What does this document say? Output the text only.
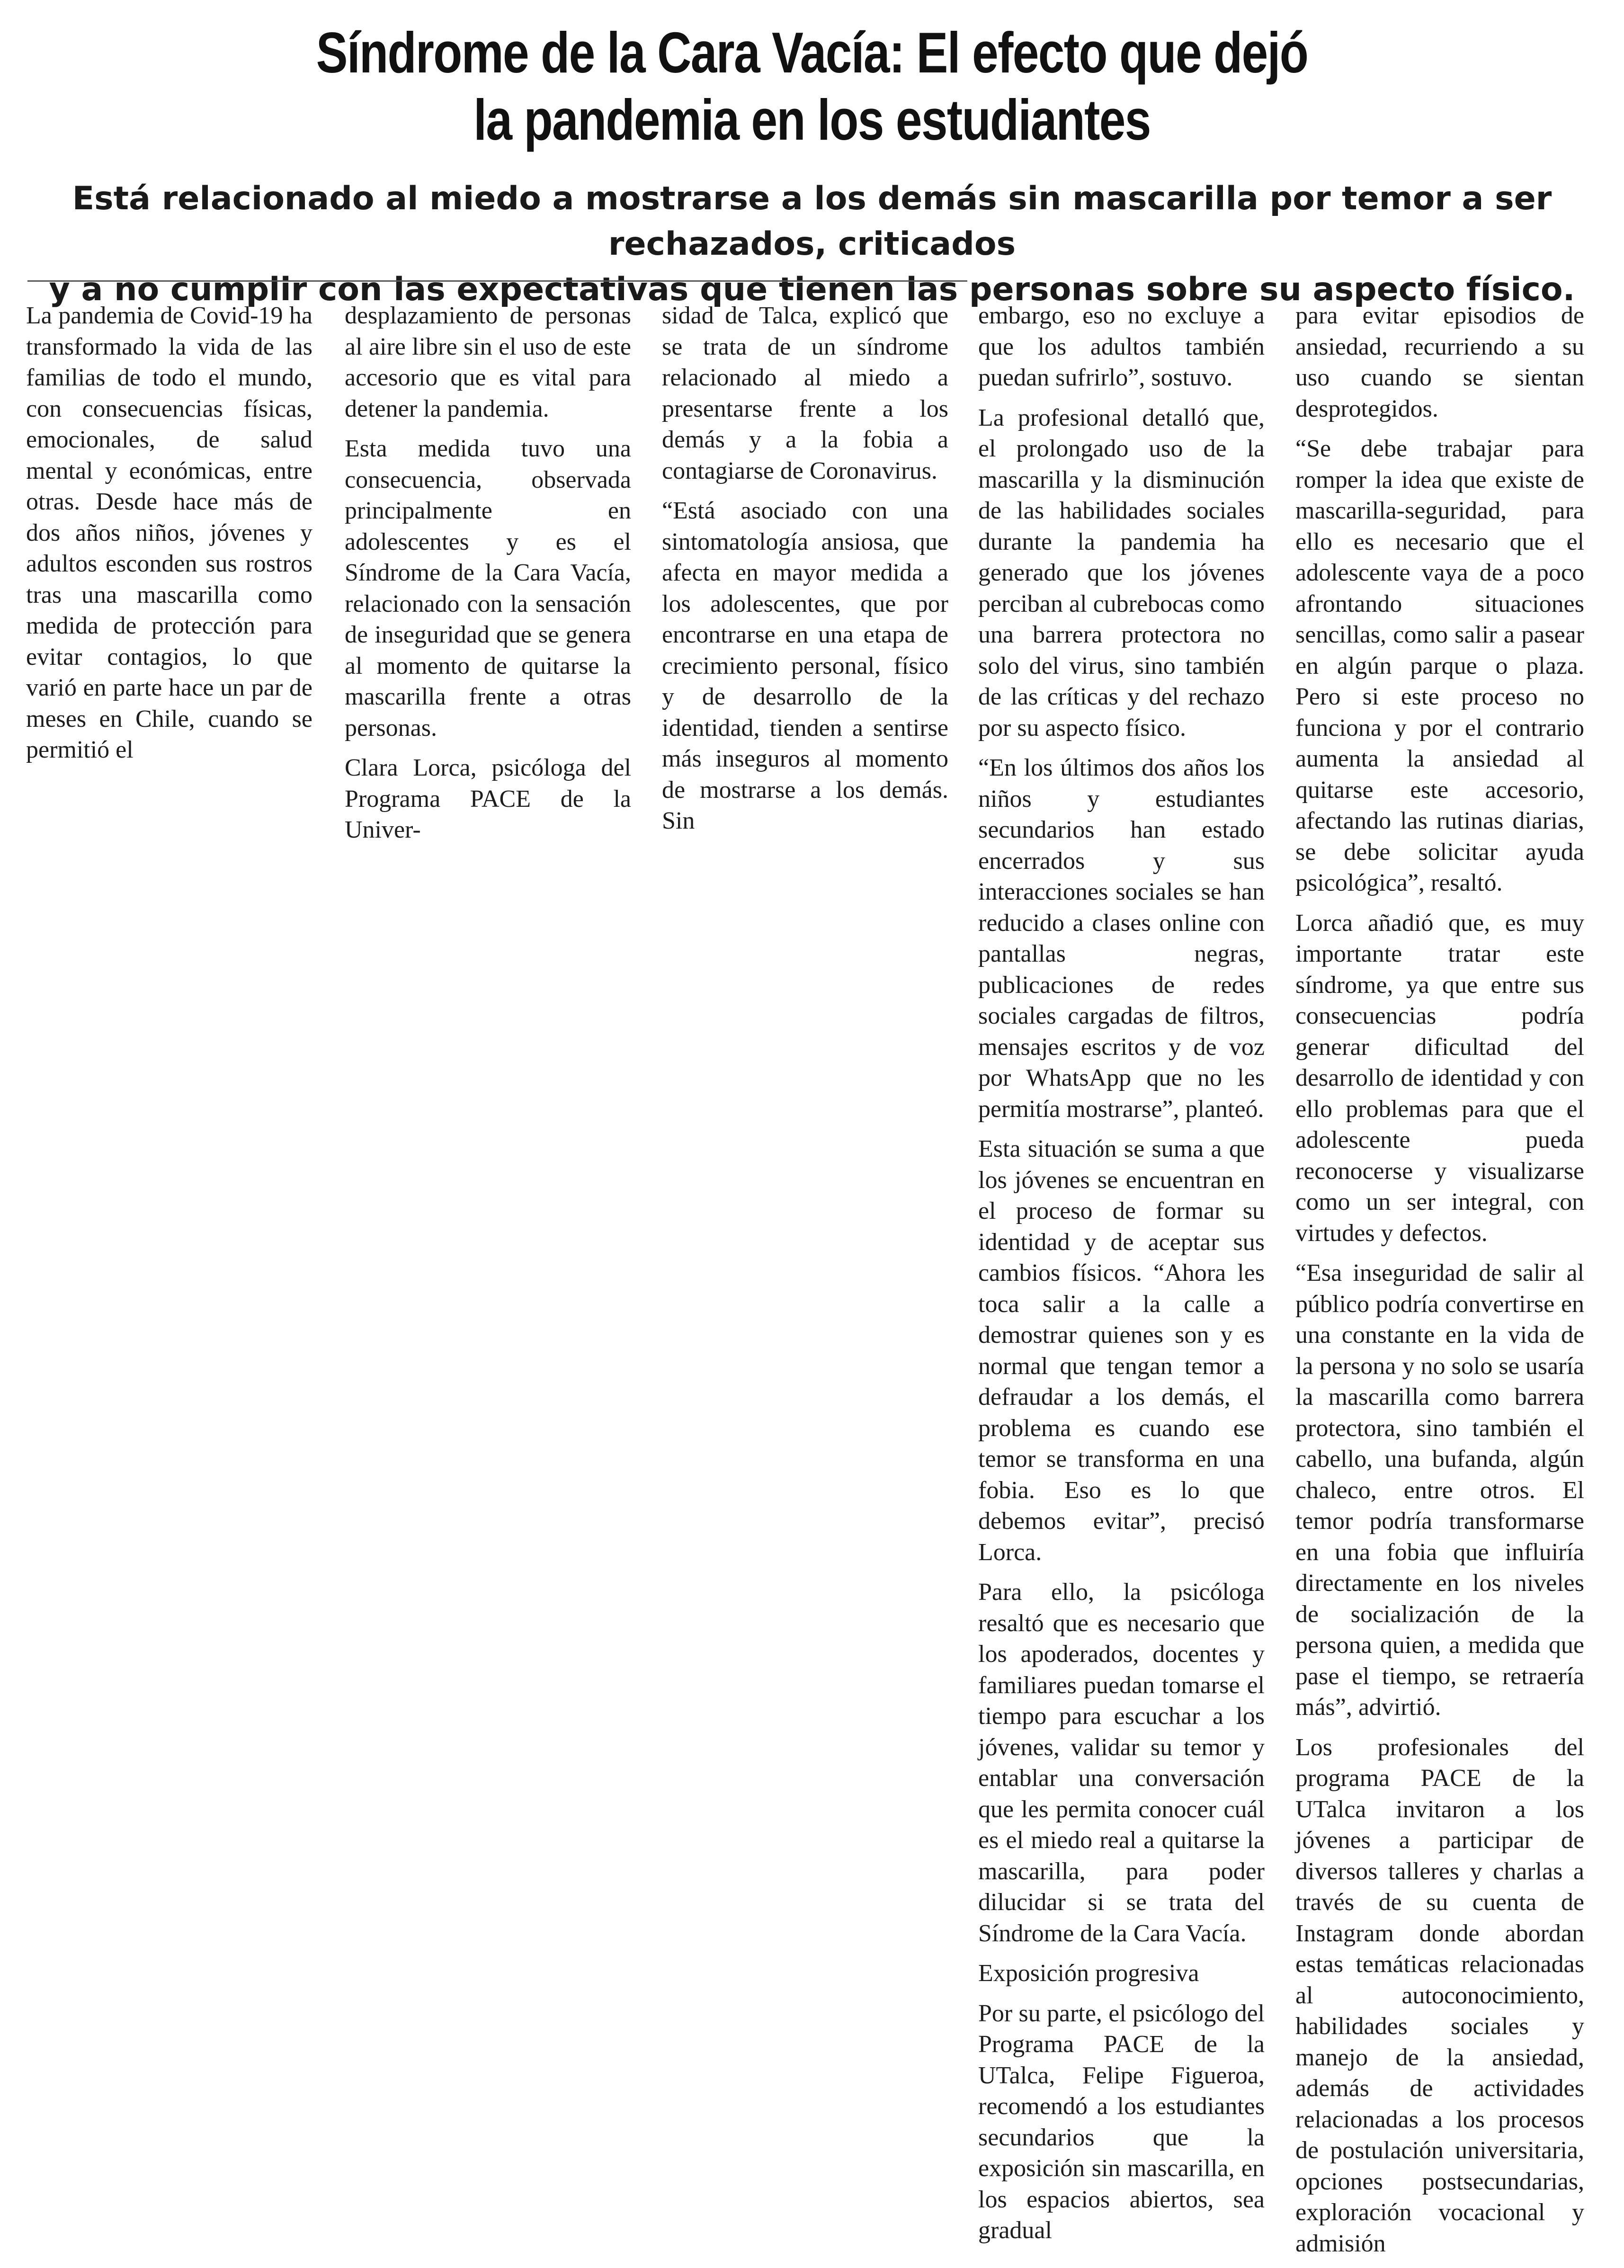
Síndrome de la Cara Vacía: El efecto que dejó
la pandemia en los estudiantes
Está relacionado al miedo a mostrarse a los demás sin mascarilla por temor a ser rechazados, criticados
y a no cumplir con las expectativas que tienen las personas sobre su aspecto físico.

La pandemia de Covid-19 ha transformado la vida de las familias de todo el mundo, con consecuencias físicas, emocionales, de salud mental y económicas, entre otras. Desde hace más de dos años niños, jóvenes y adultos esconden sus rostros tras una mascarilla como medida de protección para evitar contagios, lo que varió en parte hace un par de meses en Chile, cuando se permitió el

desplazamiento de personas al aire libre sin el uso de este accesorio que es vital para detener la pandemia.

Esta medida tuvo una consecuencia, observada principalmente en adolescentes y es el Síndrome de la Cara Vacía, relacionado con la sensación de inseguridad que se genera al momento de quitarse la mascarilla frente a otras personas.

Clara Lorca, psicóloga del Programa PACE de la Univer-

sidad de Talca, explicó que se trata de un síndrome relacionado al miedo a presentarse frente a los demás y a la fobia a contagiarse de Coronavirus.

“Está asociado con una sintomatología ansiosa, que afecta en mayor medida a los adolescentes, que por encontrarse en una etapa de crecimiento personal, físico y de desarrollo de la identidad, tienden a sentirse más inseguros al momento de mostrarse a los demás. Sin

embargo, eso no excluye a que los adultos también puedan sufrirlo”, sostuvo.

La profesional detalló que, el prolongado uso de la mascarilla y la disminución de las habilidades sociales durante la pandemia ha generado que los jóvenes perciban al cubrebocas como una barrera protectora no solo del virus, sino también de las críticas y del rechazo por su aspecto físico.

“En los últimos dos años los niños y estudiantes secundarios han estado encerrados y sus interacciones sociales se han reducido a clases online con pantallas negras, publicaciones de redes sociales cargadas de filtros, mensajes escritos y de voz por WhatsApp que no les permitía mostrarse”, planteó.

Esta situación se suma a que los jóvenes se encuentran en el proceso de formar su identidad y de aceptar sus cambios físicos. “Ahora les toca salir a la calle a demostrar quienes son y es normal que tengan temor a defraudar a los demás, el problema es cuando ese temor se transforma en una fobia. Eso es lo que debemos evitar”, precisó Lorca.

Para ello, la psicóloga resaltó que es necesario que los apoderados, docentes y familiares puedan tomarse el tiempo para escuchar a los jóvenes, validar su temor y entablar una conversación que les permita conocer cuál es el miedo real a quitarse la mascarilla, para poder dilucidar si se trata del Síndrome de la Cara Vacía.

Exposición progresiva

Por su parte, el psicólogo del Programa PACE de la UTalca, Felipe Figueroa, recomendó a los estudiantes secundarios que la exposición sin mascarilla, en los espacios abiertos, sea gradual

para evitar episodios de ansiedad, recurriendo a su uso cuando se sientan desprotegidos.

“Se debe trabajar para romper la idea que existe de mascarilla-seguridad, para ello es necesario que el adolescente vaya de a poco afrontando situaciones sencillas, como salir a pasear en algún parque o plaza. Pero si este proceso no funciona y por el contrario aumenta la ansiedad al quitarse este accesorio, afectando las rutinas diarias, se debe solicitar ayuda psicológica”, resaltó.

Lorca añadió que, es muy importante tratar este síndrome, ya que entre sus consecuencias podría generar dificultad del desarrollo de identidad y con ello problemas para que el adolescente pueda reconocerse y visualizarse como un ser integral, con virtudes y defectos.

“Esa inseguridad de salir al público podría convertirse en una constante en la vida de la persona y no solo se usaría la mascarilla como barrera protectora, sino también el cabello, una bufanda, algún chaleco, entre otros. El temor podría transformarse en una fobia que influiría directamente en los niveles de socialización de la persona quien, a medida que pase el tiempo, se retraería más”, advirtió.

Los profesionales del programa PACE de la UTalca invitaron a los jóvenes a participar de diversos talleres y charlas a través de su cuenta de Instagram donde abordan estas temáticas relacionadas al autoconocimiento, habilidades sociales y manejo de la ansiedad, además de actividades relacionadas a los procesos de postulación universitaria, opciones postsecundarias, exploración vocacional y admisión
